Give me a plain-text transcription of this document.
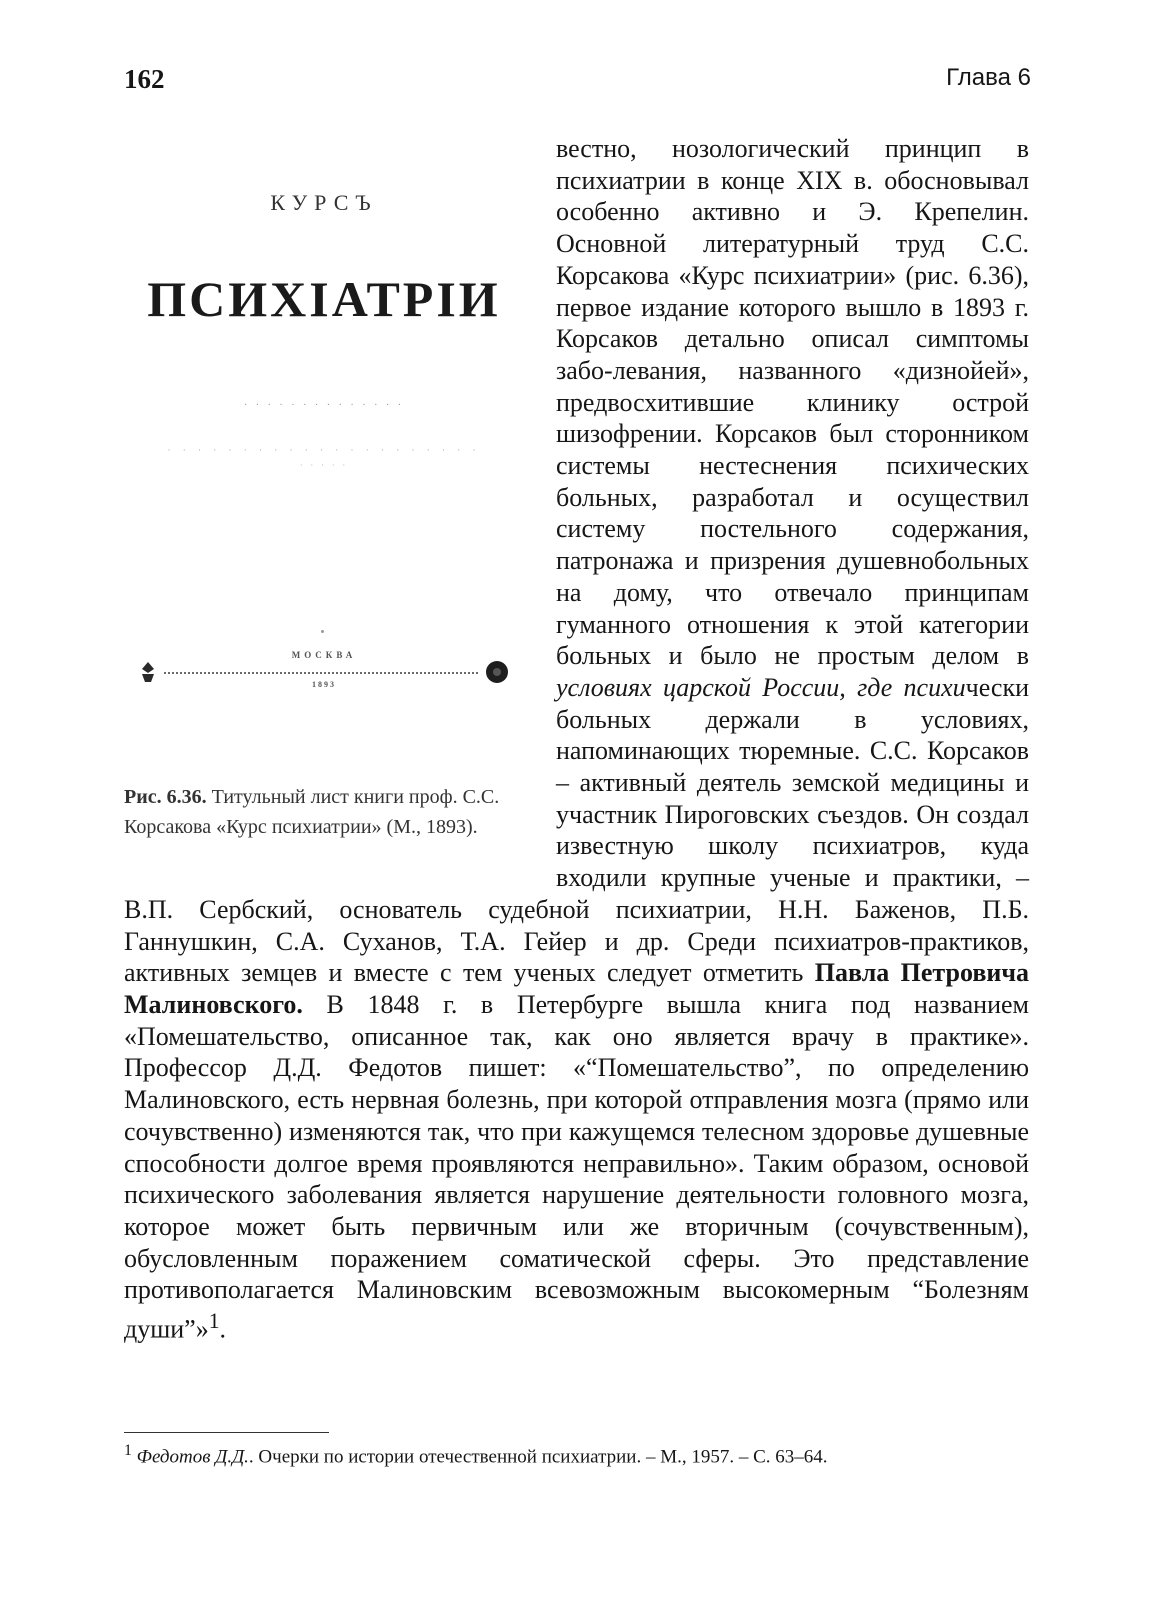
162	Глава 6
КУРСЪ
ПСИХІАТРІИ
· · · · · · · · · · · · · ·
· · · · · · · · · · · · · · · · · · · · ·
· · · · ·
МОСКВА
1893
Рис. 6.36. Титульный лист книги проф. С.С. Корсакова «Курс психиатрии» (М., 1893).

вестно, нозологический принцип в психиатрии в конце XIX в. обосновывал особенно активно и Э. Крепелин. Основной литературный труд С.С. Корсакова «Курс психиатрии» (рис. 6.36), первое издание которого вышло в 1893 г. Корсаков детально описал симптомы забо-левания, названного «дизнойей», предвосхитившие клинику острой шизофрении. Корсаков был сторонником системы нестеснения психических больных, разработал и осуществил систему постельного содержания, патронажа и призрения душевнобольных на дому, что отвечало принципам гуманного отношения к этой категории больных и было не простым делом в условиях царской России, где психически больных держали в условиях, напоминающих тюремные. С.С. Корсаков – активный деятель земской медицины и участник Пироговских съездов. Он создал известную школу психиатров, куда входили крупные ученые и практики, – В.П. Сербский, основатель судебной психиатрии, Н.Н. Баженов, П.Б. Ганнушкин, С.А. Суханов, Т.А. Гейер и др. Среди психиатров-практиков, активных земцев и вместе с тем ученых следует отметить Павла Петровича Малиновского. В 1848 г. в Петербурге вышла книга под названием «Помешательство, описанное так, как оно является врачу в практике». Профессор Д.Д. Федотов пишет: «“Помешательство”, по определению Малиновского, есть нервная болезнь, при которой отправления мозга (прямо или сочувственно) изменяются так, что при кажущемся телесном здоровье душевные способности долгое время проявляются неправильно». Таким образом, основой психического заболевания является нарушение деятельности головного мозга, которое может быть первичным или же вторичным (сочувственным), обусловленным поражением соматической сферы. Это представление противополагается Малиновским всевозможным высокомерным “Болезням души”»$^1$.

$^1$ Федотов Д.Д.. Очерки по истории отечественной психиатрии. – М., 1957. – С. 63–64.
